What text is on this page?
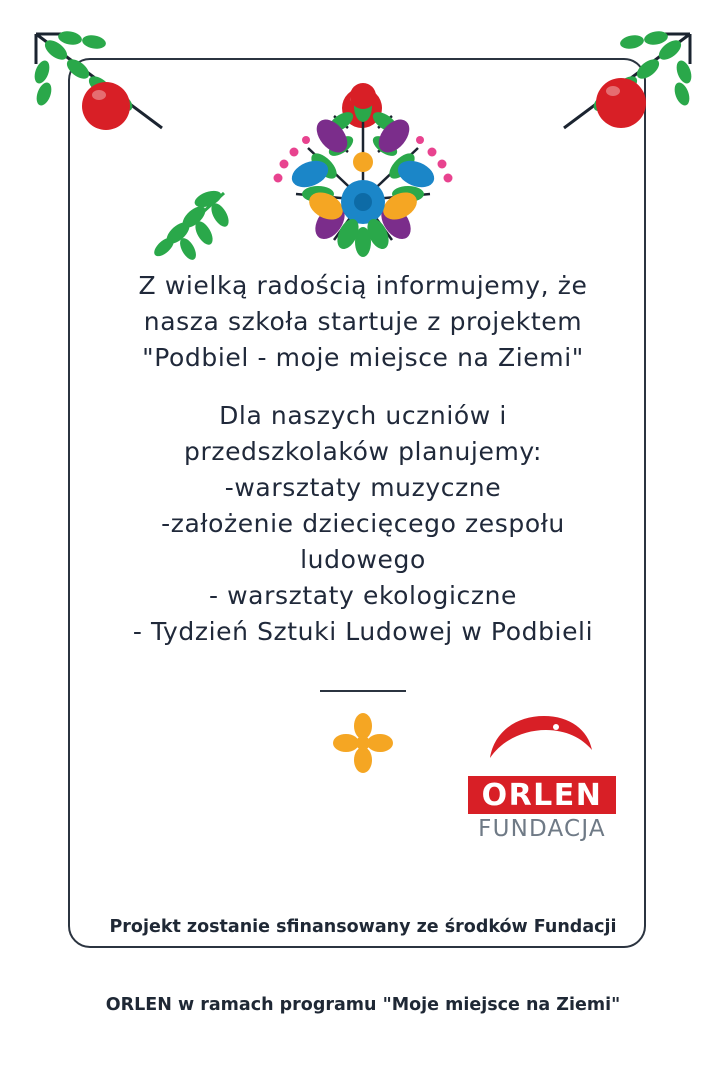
Z wielką radością informujemy, że
nasza szkoła startuje z projektem
"Podbiel - moje miejsce na Ziemi"
Dla naszych uczniów i
przedszkolaków planujemy:
-warsztaty muzyczne
-założenie dziecięcego zespołu
ludowego
- warsztaty ekologiczne
- Tydzień Sztuki Ludowej w Podbieli
ORLEN
FUNDACJA

Projekt zostanie sfinansowany ze środków Fundacji

ORLEN w ramach programu "Moje miejsce na Ziemi"
